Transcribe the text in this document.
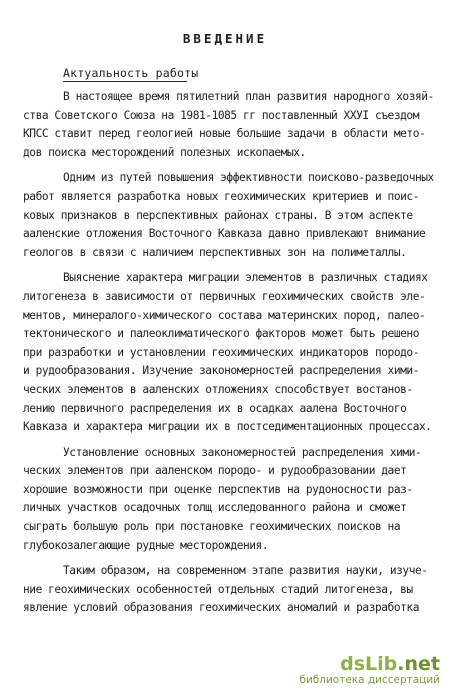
ВВЕДЕНИЕ
Актуальность работы
В настоящее время пятилетний план развития народного хозяй-
ства Советского Союза на 1981-1085 гг поставленный XXУI съездом
КПСС ставит перед геологией новые большие задачи в области мето-
дов поиска месторождений полезных ископаемых.
Одним из путей повышения эффективности поисково-разведочных
работ является разработка новых геохимических критериев и поис-
ковых признаков в перспективных районах страны. В этом аспекте
ааленские отложения Восточного Кавказа давно привлекают внимание
геологов в связи с наличием перспективных зон на полиметаллы.
Выяснение характера миграции элементов в различных стадиях
литогенеза в зависимости от первичных геохимических свойств эле-
ментов, минералого-химического состава материнских пород, палео-
тектонического и палеоклиматического факторов может быть решено
при разработки и установлении геохимических индикаторов породо-
и рудообразования. Изучение закономерностей распределения хими-
ческих элементов в ааленских отложениях способствует востанов-
лению первичного распределения их в осадках аалена Восточного
Кавказа и характера миграции их в постседиментационных процессах.
Установление основных закономерностей распределения хими-
ческих элементов при ааленском породо- и рудообразовании дает
хорошие возможности при оценке перспектив на рудоносности раз-
личных участков осадочных толщ исследованного района и сможет
сыграть большую роль при постановке геохимических поисков на
глубокозалегающие рудные месторождения.
Таким образом, на современном этапе развития науки, изуче-
ние геохимических особенностей отдельных стадий литогенеза, вы
явление условий образования геохимических аномалий и разработка
dsLib.net
библиотека диссертаций
